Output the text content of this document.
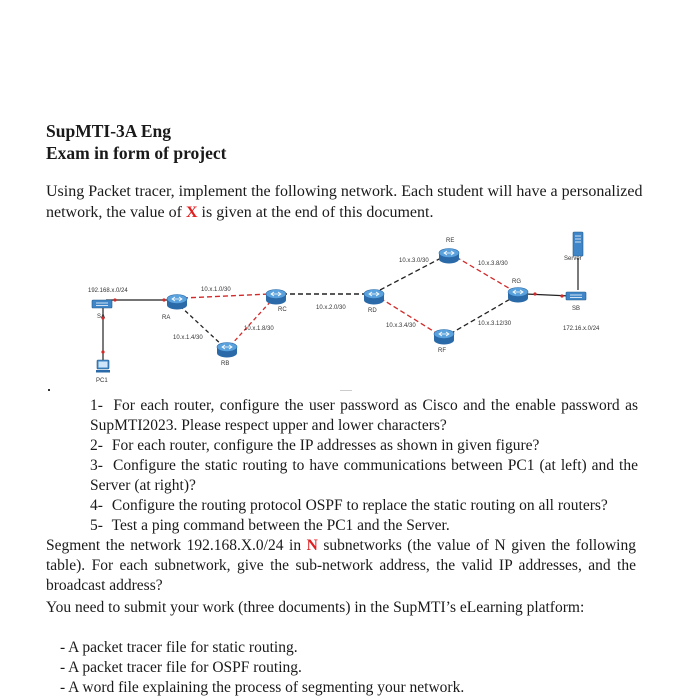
SupMTI-3A Eng
Exam in form of project

Using Packet tracer, implement the following network. Each student will have a personalized network, the value of X is given at the end of this document.

SA	RA
RB
RC	RD
RE
RF
RG
SB
PC1
Server
192.168.x.0/24	10.x.1.0/30
10.x.1.4/30
10.x.1.8/30
10.x.2.0/30
10.x.3.0/30	10.x.3.8/30
10.x.3.4/30	10.x.3.12/30
172.16.x.0/24
1- For each router, configure the user password as Cisco and the enable password as SupMTI2023. Please respect upper and lower characters?
2- For each router, configure the IP addresses as shown in given figure?
3- Configure the static routing to have communications between PC1 (at left) and the Server (at right)?
4- Configure the routing protocol OSPF to replace the static routing on all routers?
5- Test a ping command between the PC1 and the Server.

Segment the network 192.168.X.0/24 in N subnetworks (the value of N given the following table). For each subnetwork, give the sub-network address, the valid IP addresses, and the broadcast address?

You need to submit your work (three documents) in the SupMTI’s eLearning platform:

- A packet tracer file for static routing.
- A packet tracer file for OSPF routing.
- A word file explaining the process of segmenting your network.
